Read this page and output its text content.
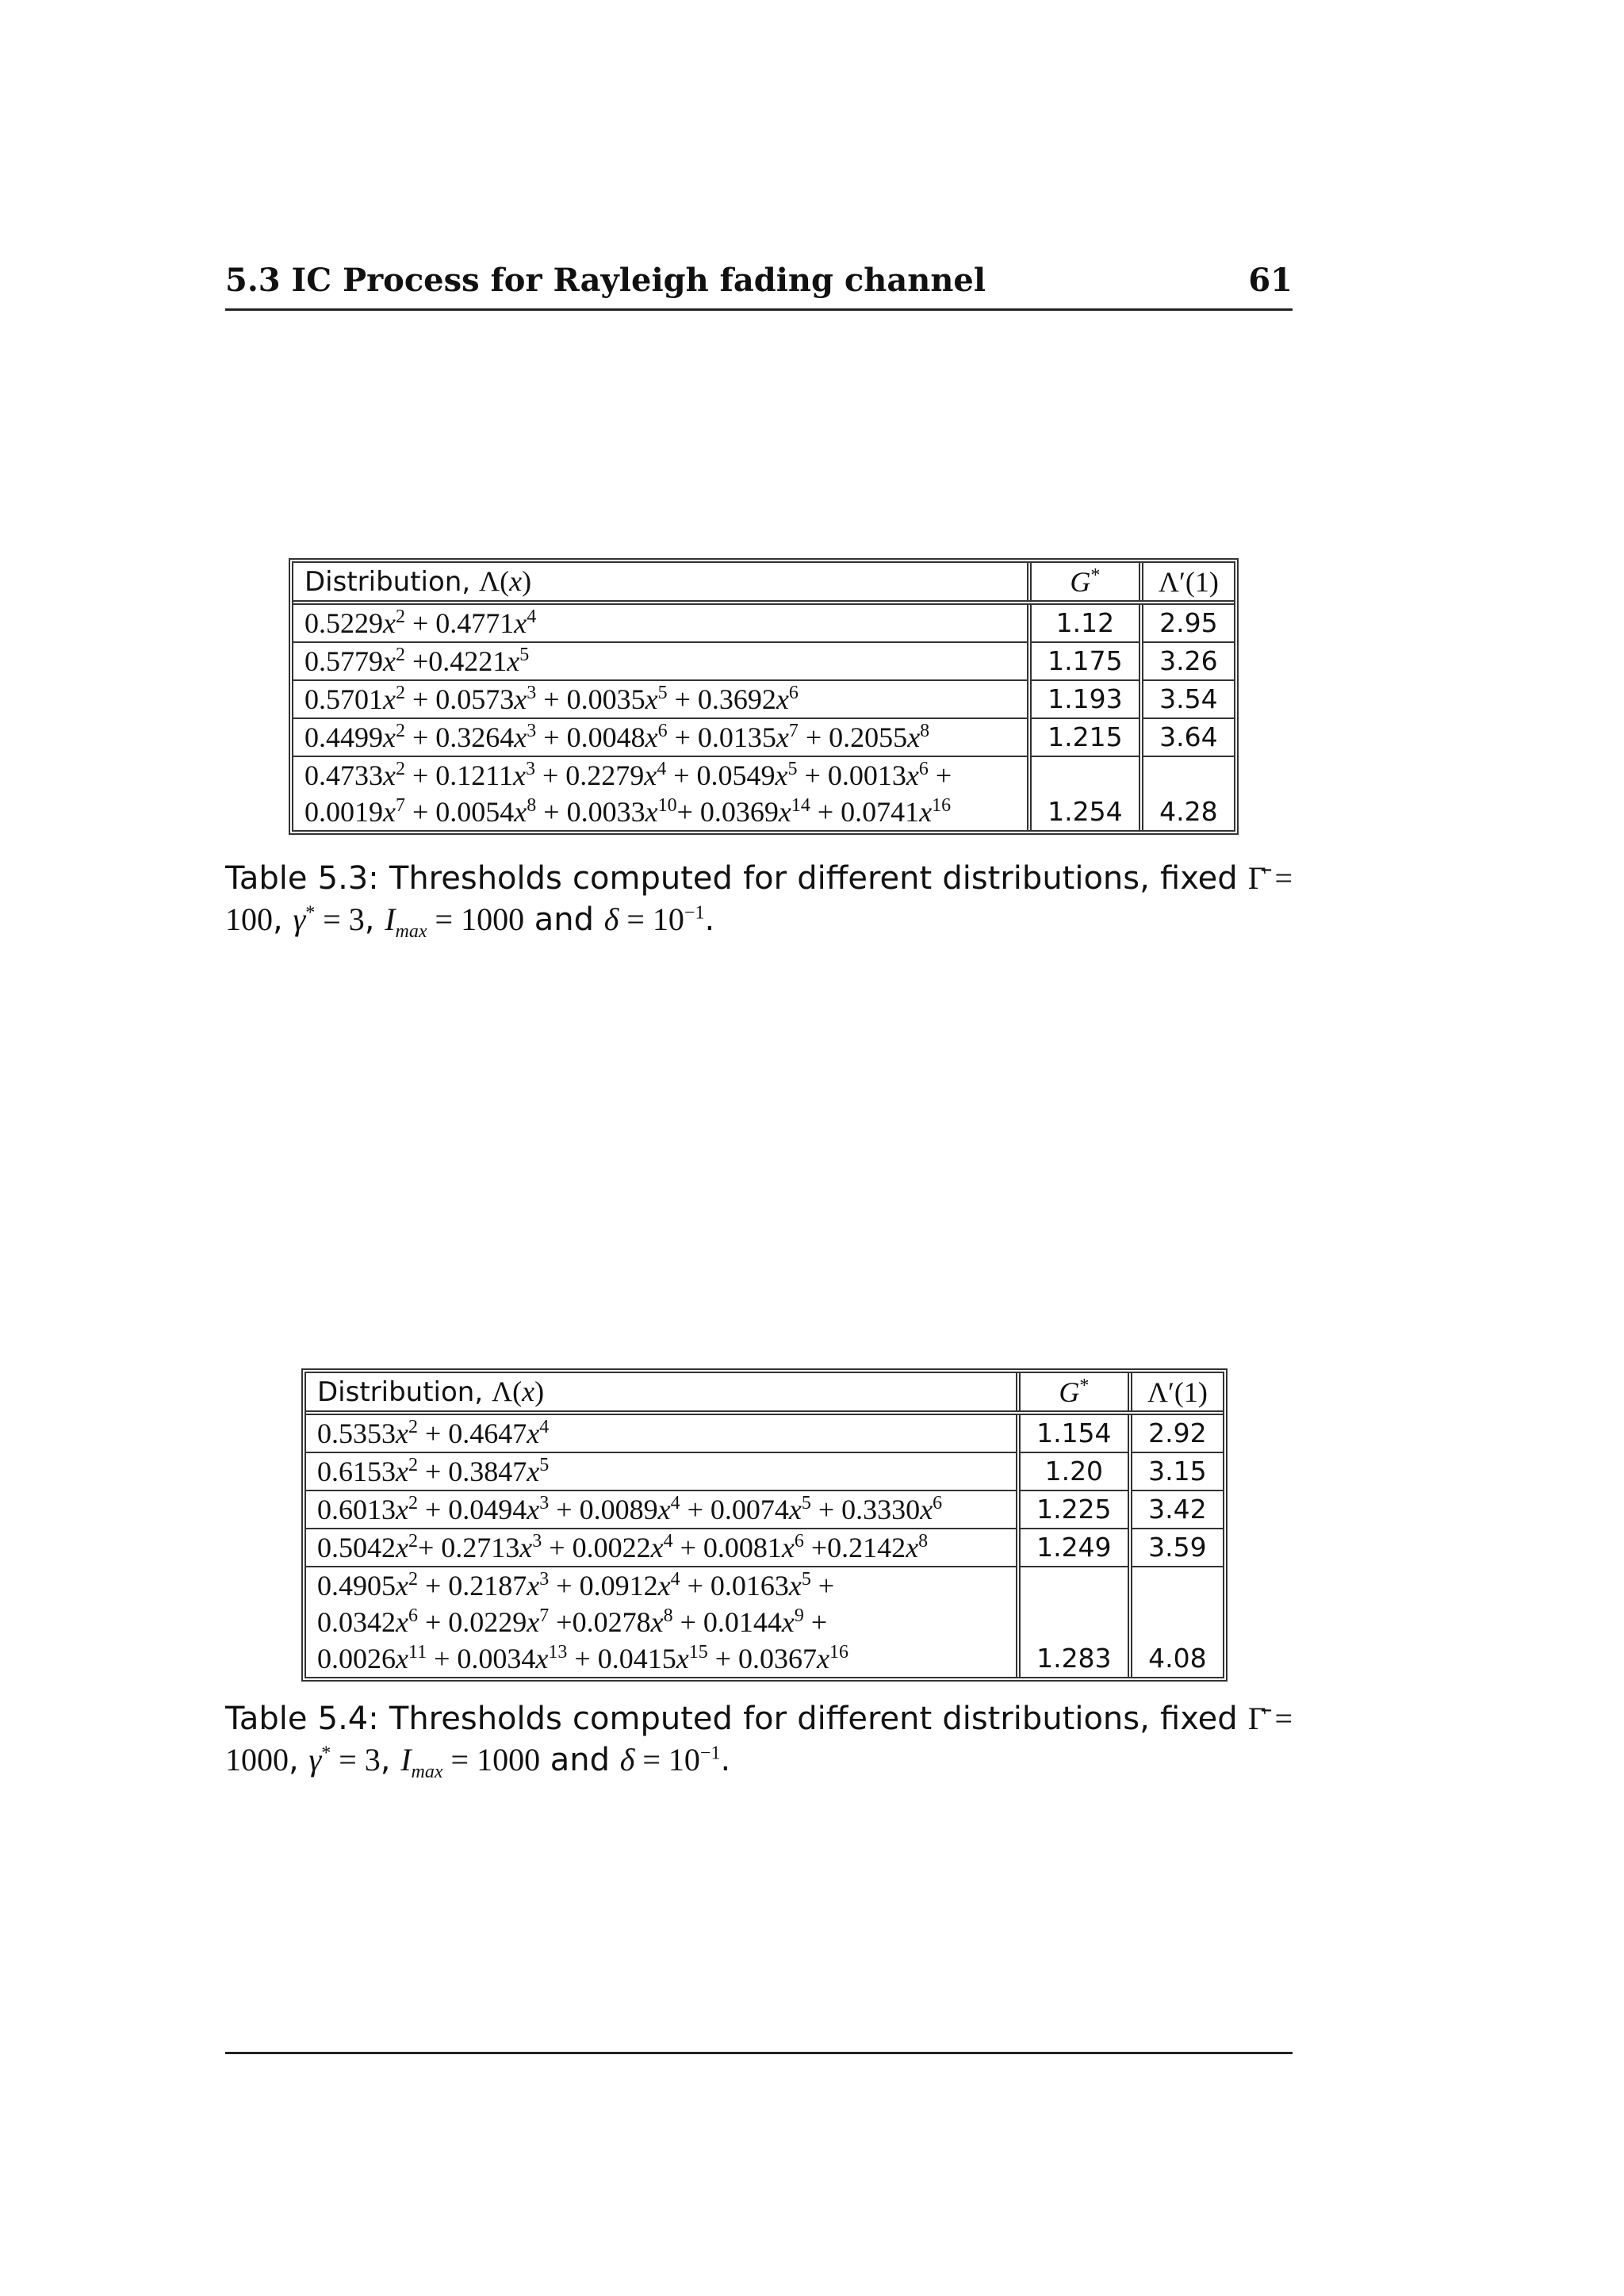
5.3 IC Process for Rayleigh fading channel	61
Distribution, Λ(x)	G*	Λ′(1)

$0.5229x^2 + 0.4771x^4$	1.12	2.95

$0.5779x^2 +0.4221x^5$	1.175	3.26

$0.5701x^2 + 0.0573x^3 + 0.0035x^5 + 0.3692x^6$	1.193	3.54

$0.4499x^2 + 0.3264x^3 + 0.0048x^6 + 0.0135x^7 + 0.2055x^8$	1.215	3.64

$0.4733x^2 + 0.1211x^3 + 0.2279x^4 + 0.0549x^5 + 0.0013x^6$ +
$0.0019x^7 + 0.0054x^8 + 0.0033x^{10}+ 0.0369x^{14} + 0.0741x^{16}$	1.254	4.28
Table 5.3: Thresholds computed for different distributions, fixed Γ̄ = 100, γ* = 3, $I_{max} = 1000$ and $\delta = 10^{-1}$.
Distribution, Λ(x)	G*	Λ′(1)

$0.5353x^2 + 0.4647x^4$	1.154	2.92

$0.6153x^2 + 0.3847x^5$	1.20	3.15

$0.6013x^2 + 0.0494x^3 + 0.0089x^4 + 0.0074x^5 + 0.3330x^6$	1.225	3.42

$0.5042x^2+ 0.2713x^3 + 0.0022x^4 + 0.0081x^6 +0.2142x^8$	1.249	3.59

$0.4905x^2 + 0.2187x^3 + 0.0912x^4 + 0.0163x^5$ +
$0.0342x^6 + 0.0229x^7 +0.0278x^8 + 0.0144x^9$ +
$0.0026x^{11} + 0.0034x^{13} + 0.0415x^{15} + 0.0367x^{16}$	1.283	4.08
Table 5.4: Thresholds computed for different distributions, fixed Γ̄ = 1000, γ* = 3, $I_{max} = 1000$ and $\delta = 10^{-1}$.
